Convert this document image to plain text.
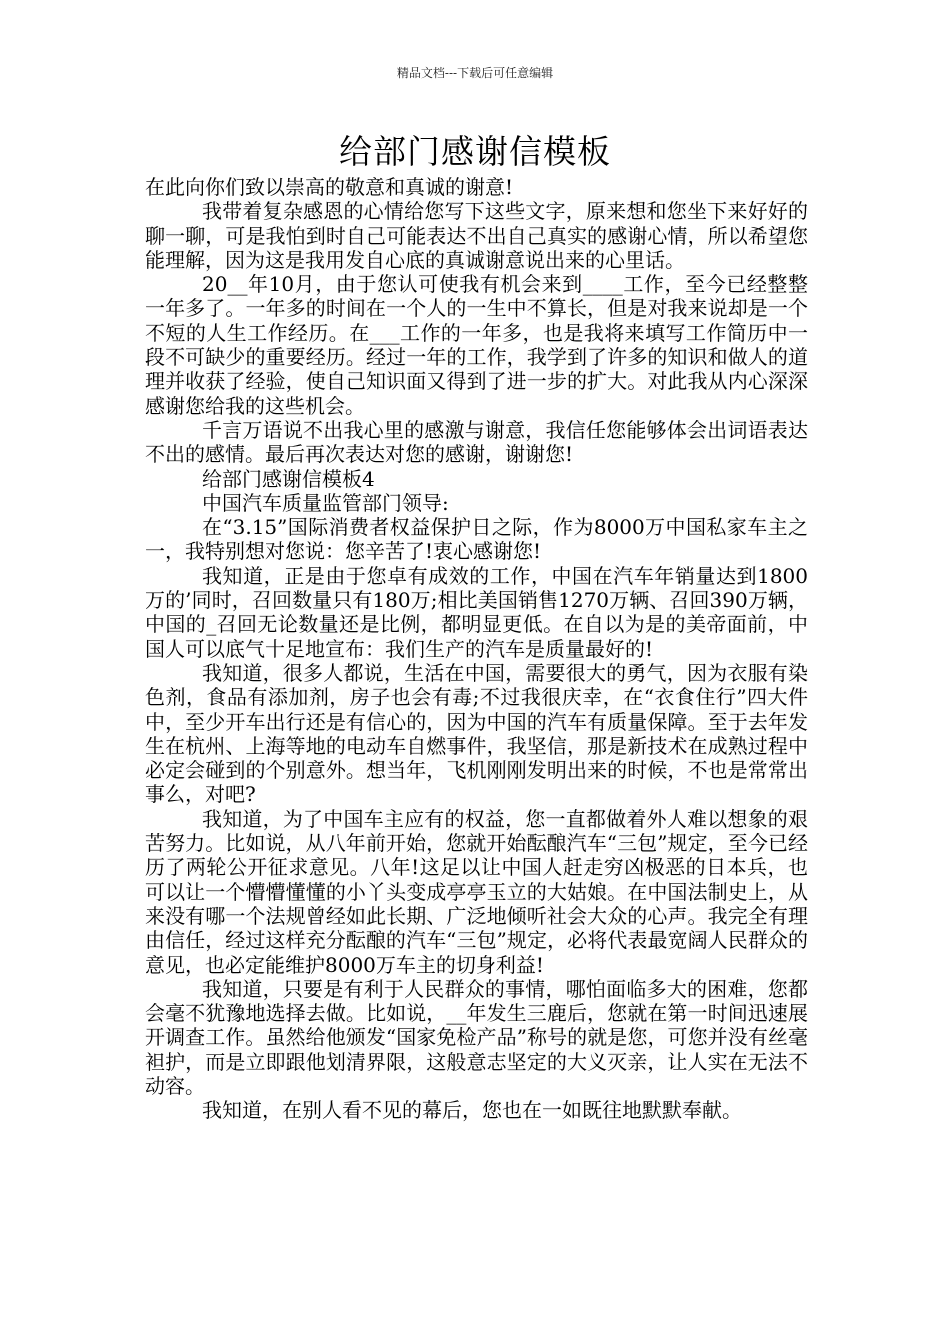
精品文档---下载后可任意编辑
给部门感谢信模板

在此向你们致以崇高的敬意和真诚的谢意!

我带着复杂感恩的心情给您写下这些文字，原来想和您坐下来好好的聊一聊，可是我怕到时自己可能表达不出自己真实的感谢心情，所以希望您能理解，因为这是我用发自心底的真诚谢意说出来的心里话。

20__年10月，由于您认可使我有机会来到____工作，至今已经整整一年多了。一年多的时间在一个人的一生中不算长，但是对我来说却是一个不短的人生工作经历。在___工作的一年多，也是我将来填写工作简历中一段不可缺少的重要经历。经过一年的工作，我学到了许多的知识和做人的道理并收获了经验，使自己知识面又得到了进一步的扩大。对此我从内心深深感谢您给我的这些机会。

千言万语说不出我心里的感激与谢意，我信任您能够体会出词语表达不出的感情。最后再次表达对您的感谢，谢谢您!

给部门感谢信模板4

中国汽车质量监管部门领导:

在“3.15”国际消费者权益保护日之际，作为8000万中国私家车主之一，我特别想对您说：您辛苦了!衷心感谢您!

我知道，正是由于您卓有成效的工作，中国在汽车年销量达到1800万的’同时，召回数量只有180万;相比美国销售1270万辆、召回390万辆，中国的_召回无论数量还是比例，都明显更低。在自以为是的美帝面前，中国人可以底气十足地宣布：我们生产的汽车是质量最好的!

我知道，很多人都说，生活在中国，需要很大的勇气，因为衣服有染色剂，食品有添加剂，房子也会有毒;不过我很庆幸，在“衣食住行”四大件中，至少开车出行还是有信心的，因为中国的汽车有质量保障。至于去年发生在杭州、上海等地的电动车自燃事件，我坚信，那是新技术在成熟过程中必定会碰到的个别意外。想当年，飞机刚刚发明出来的时候，不也是常常出事么，对吧?

我知道，为了中国车主应有的权益，您一直都做着外人难以想象的艰苦努力。比如说，从八年前开始，您就开始酝酿汽车“三包”规定，至今已经历了两轮公开征求意见。八年!这足以让中国人赶走穷凶极恶的日本兵，也可以让一个懵懵懂懂的小丫头变成亭亭玉立的大姑娘。在中国法制史上，从来没有哪一个法规曾经如此长期、广泛地倾听社会大众的心声。我完全有理由信任，经过这样充分酝酿的汽车“三包”规定，必将代表最宽阔人民群众的意见，也必定能维护8000万车主的切身利益!

我知道，只要是有利于人民群众的事情，哪怕面临多大的困难，您都会毫不犹豫地选择去做。比如说，__年发生三鹿后，您就在第一时间迅速展开调查工作。虽然给他颁发“国家免检产品”称号的就是您，可您并没有丝毫袒护，而是立即跟他划清界限，这般意志坚定的大义灭亲，让人实在无法不动容。

我知道，在别人看不见的幕后，您也在一如既往地默默奉献。
